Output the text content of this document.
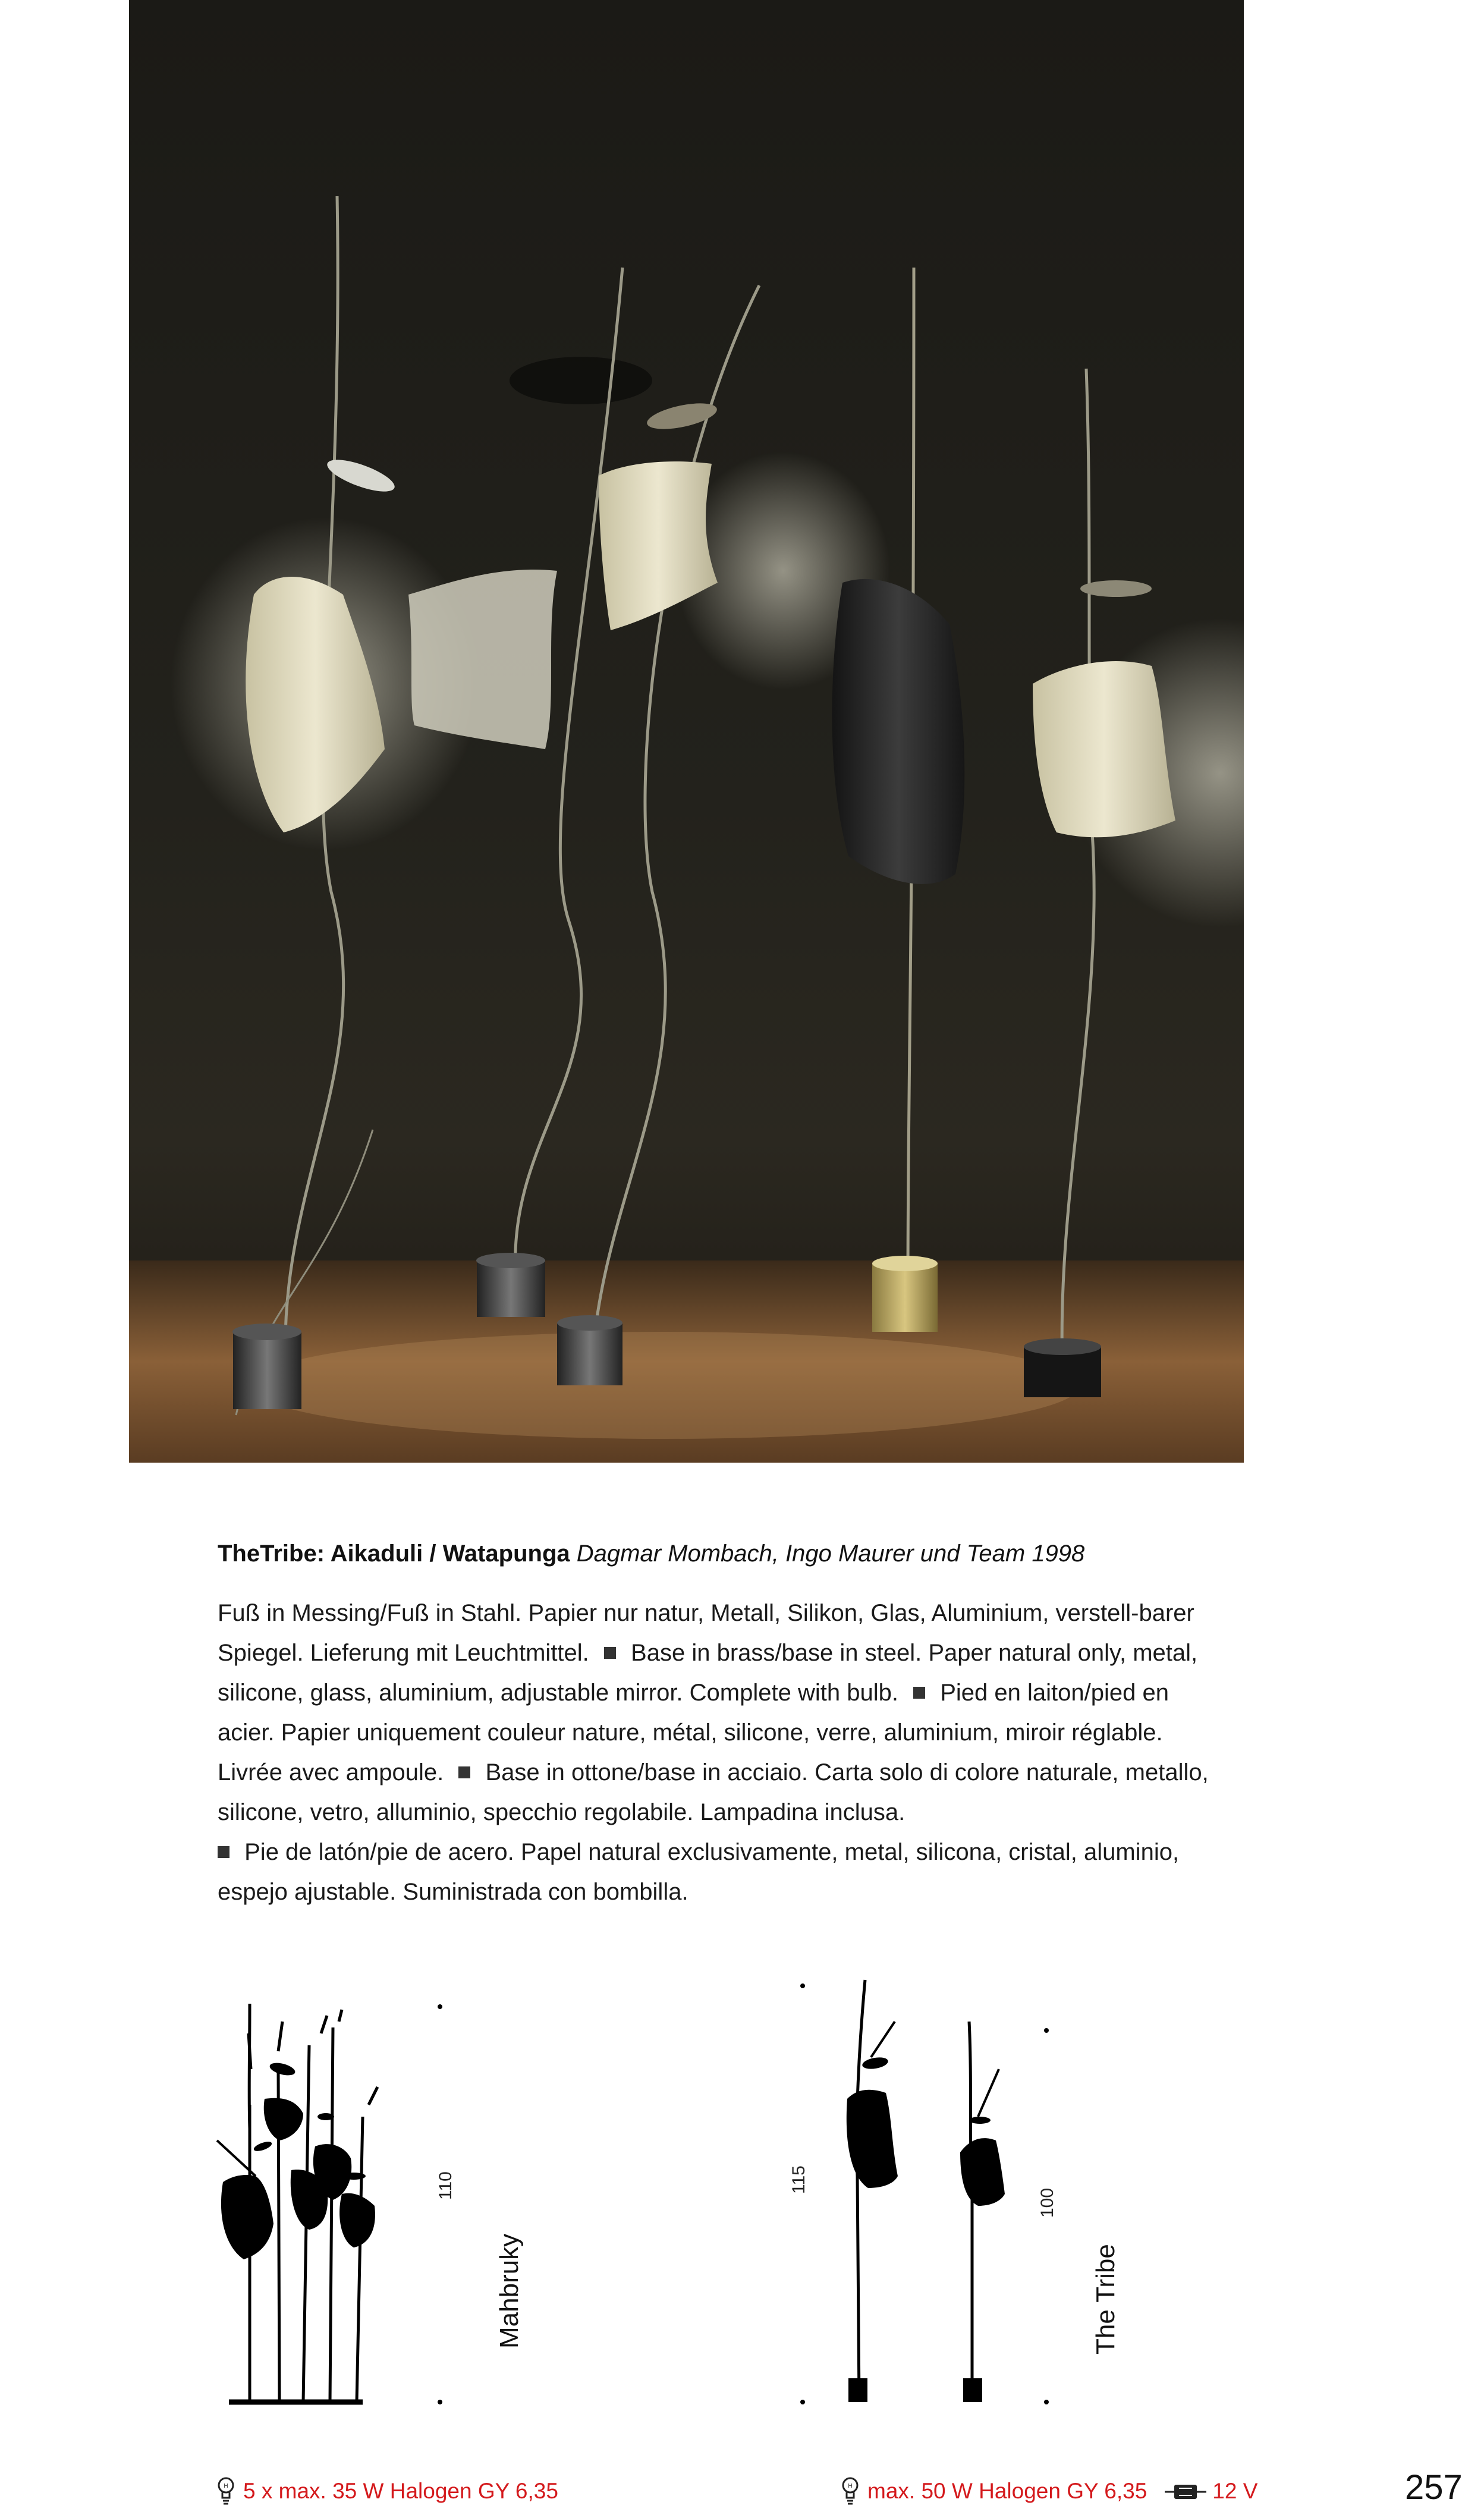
TheTribe: Aikaduli / Watapunga Dagmar Mombach, Ingo Maurer und Team 1998
Fuß in Messing/Fuß in Stahl. Papier nur natur, Metall, Silikon, Glas, Aluminium, verstell-barer Spiegel. Lieferung mit Leuchtmittel. Base in brass/base in steel. Paper natural only, metal, silicone, glass, aluminium, adjustable mirror. Complete with bulb. Pied en laiton/pied en acier. Papier uniquement couleur nature, métal, silicone, verre, aluminium, miroir réglable. Livrée avec ampoule. Base in ottone/base in acciaio. Carta solo di colore naturale, metallo, silicone, vetro, alluminio, specchio regolabile. Lampadina inclusa.
Pie de latón/pie de acero. Papel natural exclusivamente, metal, silicona, cristal, aluminio, espejo ajustable. Suministrada con bombilla.
110
Mahbruky
115
100
The Tribe
H 5 x max. 35 W Halogen GY 6,35	H max. 50 W Halogen GY 6,35	12 V	257
